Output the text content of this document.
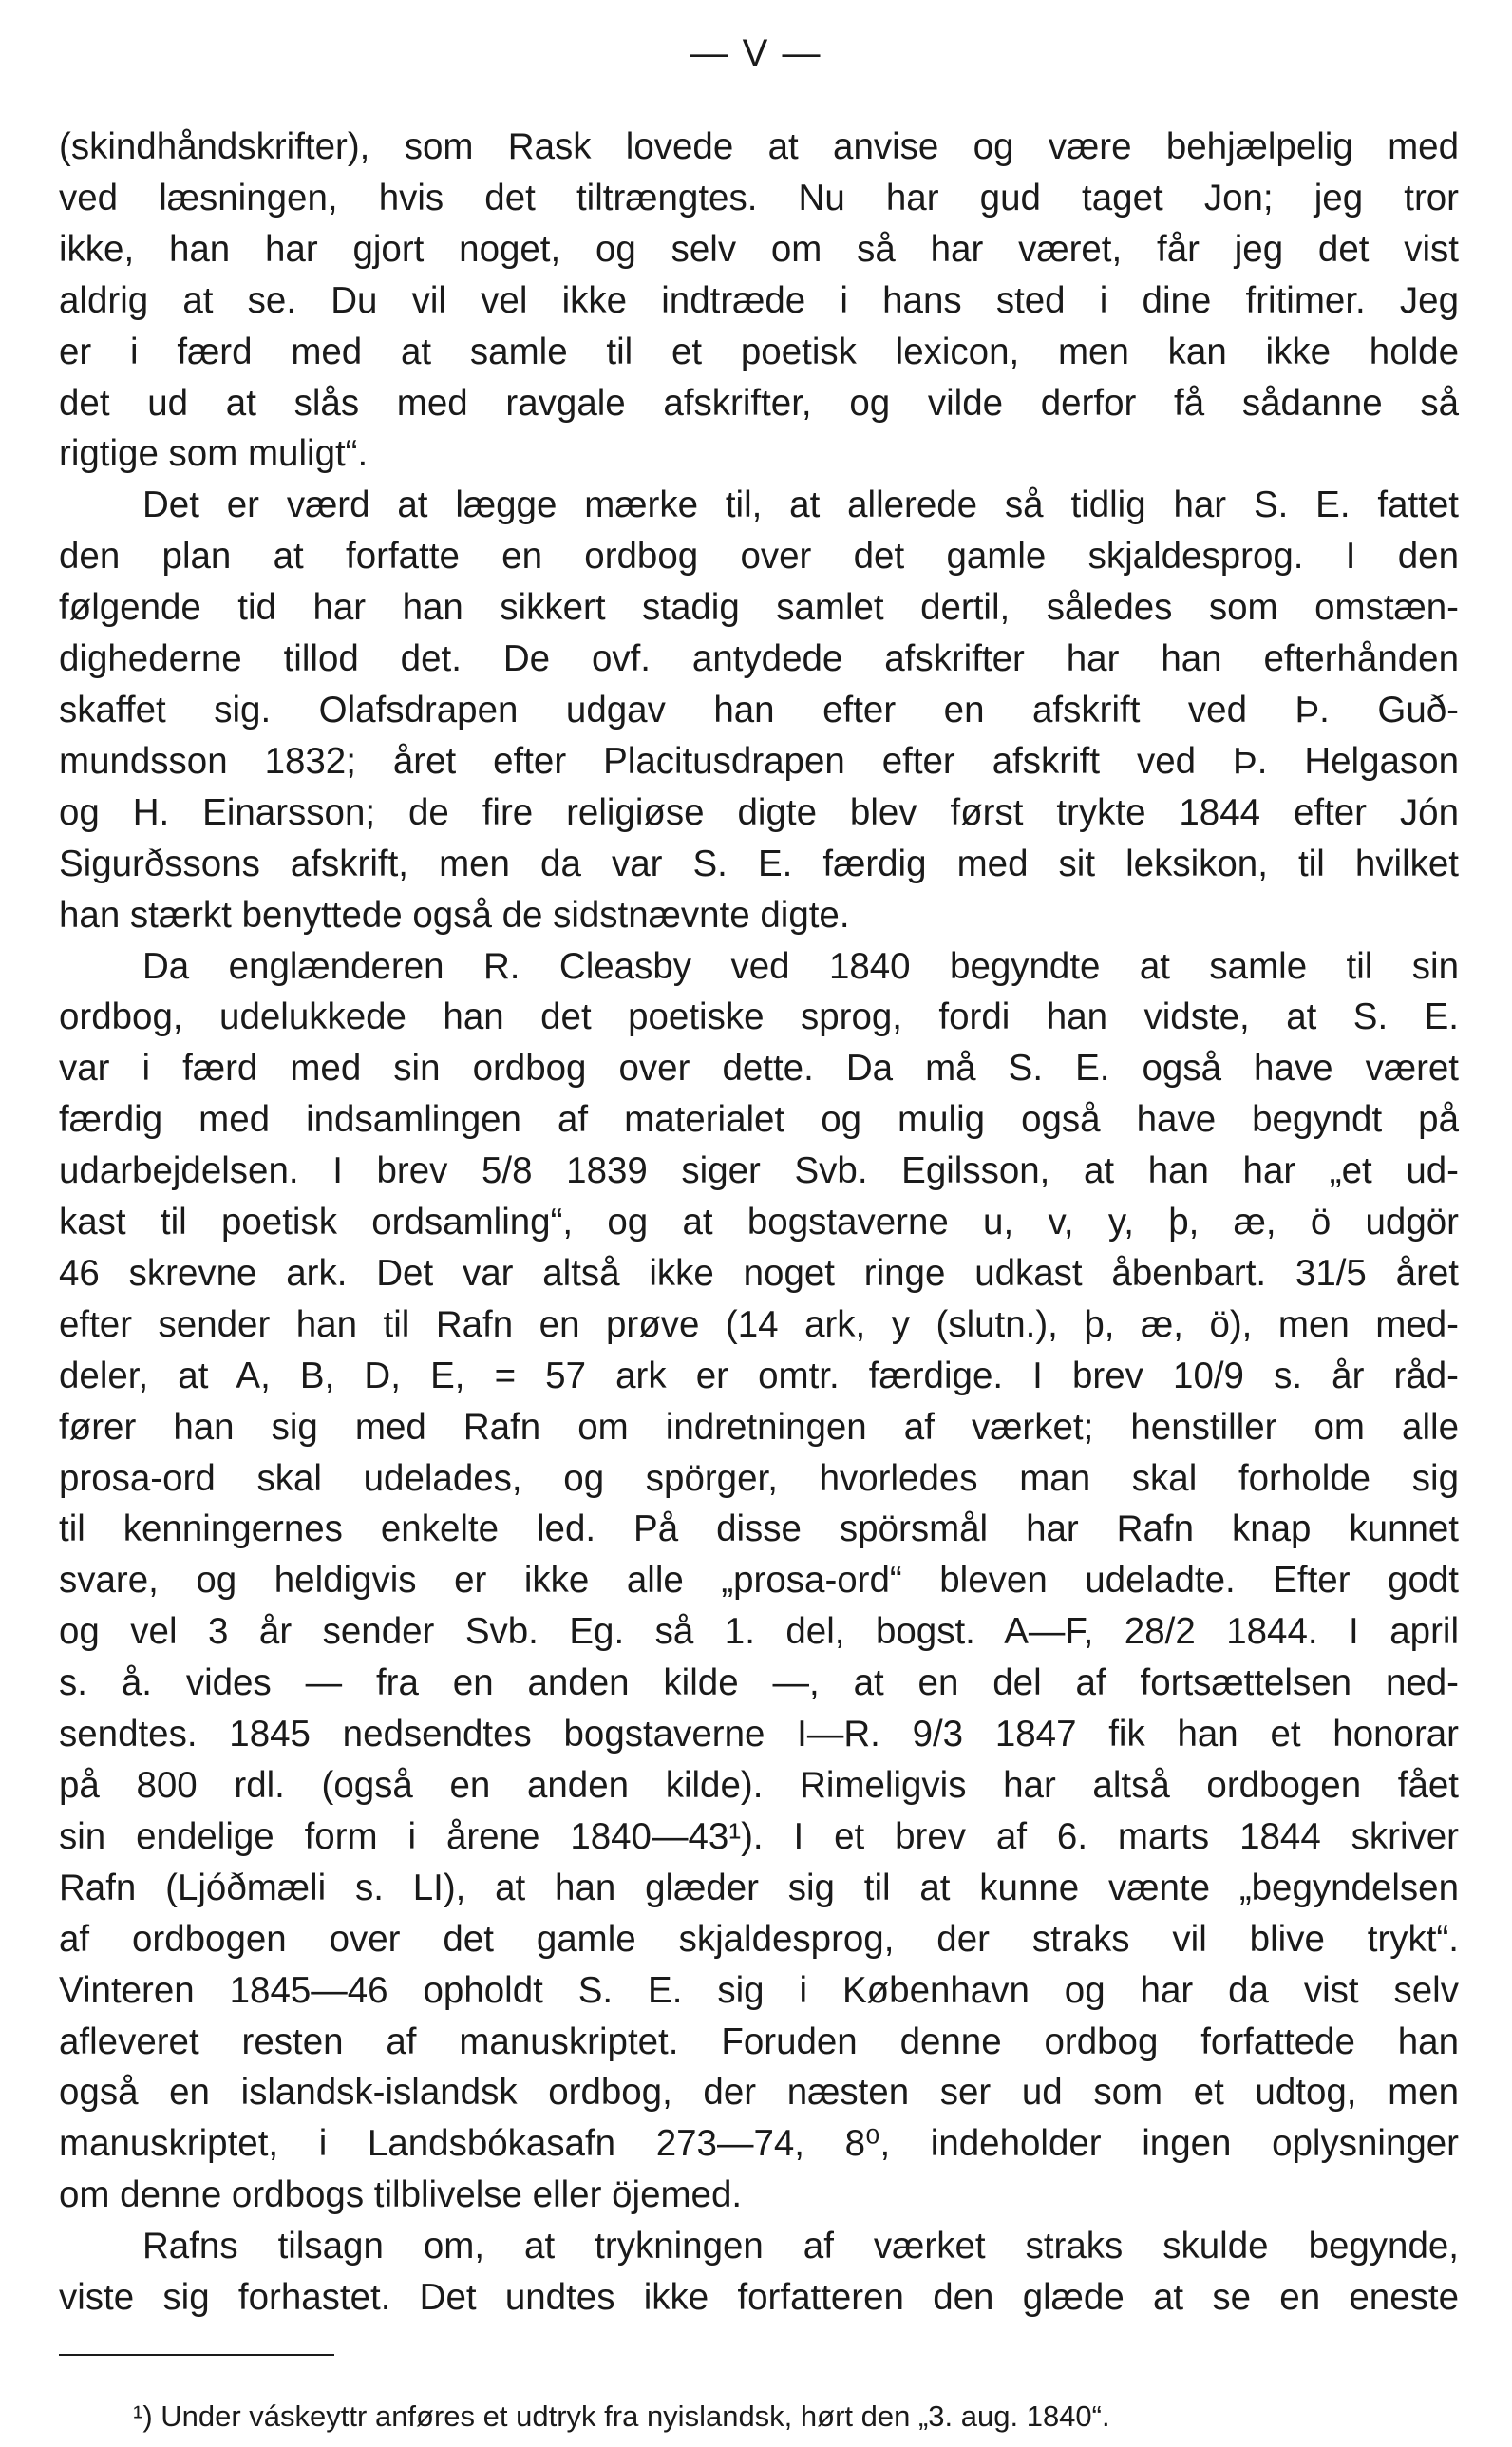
— V —
(skindhåndskrifter), som Rask lovede at anvise og være behjælpelig med
ved læsningen, hvis det tiltrængtes. Nu har gud taget Jon; jeg tror
ikke, han har gjort noget, og selv om så har været, får jeg det vist
aldrig at se. Du vil vel ikke indtræde i hans sted i dine fritimer. Jeg
er i færd med at samle til et poetisk lexicon, men kan ikke holde
det ud at slås med ravgale afskrifter, og vilde derfor få sådanne så
rigtige som muligt“.
Det er værd at lægge mærke til, at allerede så tidlig har S. E. fattet
den plan at forfatte en ordbog over det gamle skjaldesprog. I den
følgende tid har han sikkert stadig samlet dertil, således som omstæn-
dighederne tillod det. De ovf. antydede afskrifter har han efterhånden
skaffet sig. Olafsdrapen udgav han efter en afskrift ved Þ. Guð-
mundsson 1832; året efter Placitusdrapen efter afskrift ved Þ. Helgason
og H. Einarsson; de fire religiøse digte blev først trykte 1844 efter Jón
Sigurðssons afskrift, men da var S. E. færdig med sit leksikon, til hvilket
han stærkt benyttede også de sidstnævnte digte.
Da englænderen R. Cleasby ved 1840 begyndte at samle til sin
ordbog, udelukkede han det poetiske sprog, fordi han vidste, at S. E.
var i færd med sin ordbog over dette. Da må S. E. også have været
færdig med indsamlingen af materialet og mulig også have begyndt på
udarbejdelsen. I brev 5/8 1839 siger Svb. Egilsson, at han har „et ud-
kast til poetisk ordsamling“, og at bogstaverne u, v, y, þ, æ, ö udgör
46 skrevne ark. Det var altså ikke noget ringe udkast åbenbart. 31/5 året
efter sender han til Rafn en prøve (14 ark, y (slutn.), þ, æ, ö), men med-
deler, at A, B, D, E, = 57 ark er omtr. færdige. I brev 10/9 s. år råd-
fører han sig med Rafn om indretningen af værket; henstiller om alle
prosa-ord skal udelades, og spörger, hvorledes man skal forholde sig
til kenningernes enkelte led. På disse spörsmål har Rafn knap kunnet
svare, og heldigvis er ikke alle „prosa-ord“ bleven udeladte. Efter godt
og vel 3 år sender Svb. Eg. så 1. del, bogst. A—F, 28/2 1844. I april
s. å. vides — fra en anden kilde —, at en del af fortsættelsen ned-
sendtes. 1845 nedsendtes bogstaverne I—R. 9/3 1847 fik han et honorar
på 800 rdl. (også en anden kilde). Rimeligvis har altså ordbogen fået
sin endelige form i årene 1840—43¹). I et brev af 6. marts 1844 skriver
Rafn (Ljóðmæli s. LI), at han glæder sig til at kunne vænte „begyndelsen
af ordbogen over det gamle skjaldesprog, der straks vil blive trykt“.
Vinteren 1845—46 opholdt S. E. sig i København og har da vist selv
afleveret resten af manuskriptet. Foruden denne ordbog forfattede han
også en islandsk-islandsk ordbog, der næsten ser ud som et udtog, men
manuskriptet, i Landsbókasafn 273—74, 8⁰, indeholder ingen oplysninger
om denne ordbogs tilblivelse eller öjemed.
Rafns tilsagn om, at trykningen af værket straks skulde begynde,
viste sig forhastet. Det undtes ikke forfatteren den glæde at se en eneste
¹) Under váskeyttr anføres et udtryk fra nyislandsk, hørt den „3. aug. 1840“.
